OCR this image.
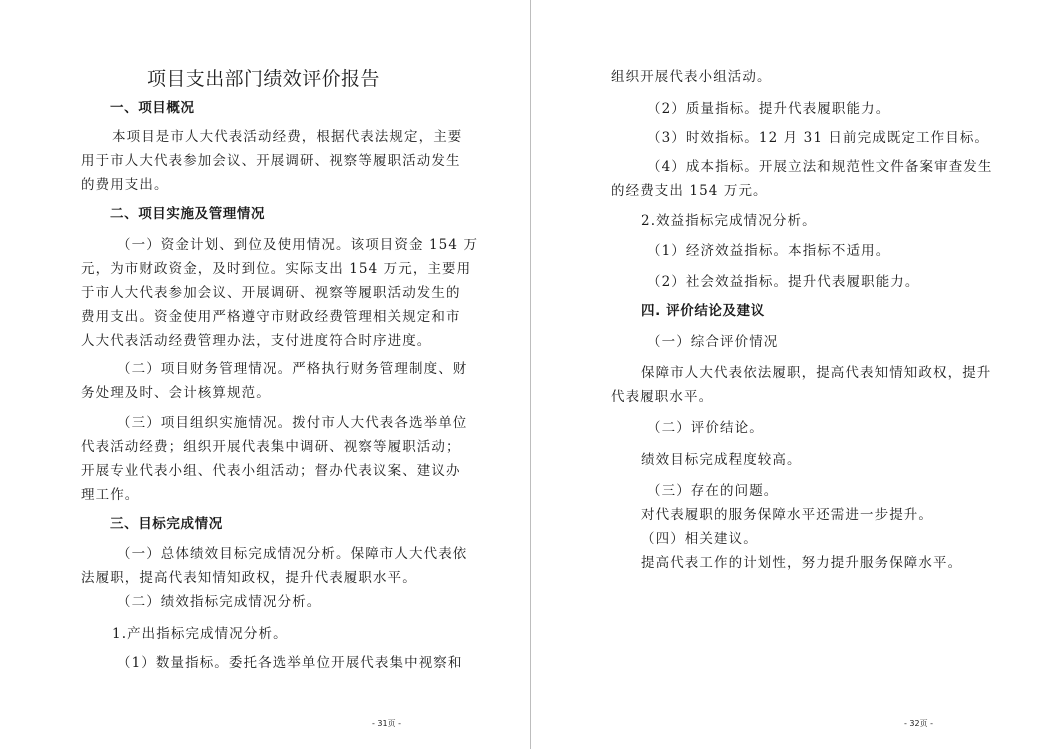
项目支出部门绩效评价报告
一、项目概况
本项目是市人大代表活动经费，根据代表法规定，主要
用于市人大代表参加会议、开展调研、视察等履职活动发生
的费用支出。
二、项目实施及管理情况
（一）资金计划、到位及使用情况。该项目资金 154 万
元，为市财政资金，及时到位。实际支出 154 万元，主要用
于市人大代表参加会议、开展调研、视察等履职活动发生的
费用支出。资金使用严格遵守市财政经费管理相关规定和市
人大代表活动经费管理办法，支付进度符合时序进度。
（二）项目财务管理情况。严格执行财务管理制度、财
务处理及时、会计核算规范。
（三）项目组织实施情况。拨付市人大代表各选举单位
代表活动经费；组织开展代表集中调研、视察等履职活动；
开展专业代表小组、代表小组活动；督办代表议案、建议办
理工作。
三、目标完成情况
（一）总体绩效目标完成情况分析。保障市人大代表依
法履职，提高代表知情知政权，提升代表履职水平。
（二）绩效指标完成情况分析。
1.产出指标完成情况分析。
（1）数量指标。委托各选举单位开展代表集中视察和
- 31页 -
组织开展代表小组活动。
（2）质量指标。提升代表履职能力。
（3）时效指标。12 月 31 日前完成既定工作目标。
（4）成本指标。开展立法和规范性文件备案审查发生
的经费支出 154 万元。
2.效益指标完成情况分析。
（1）经济效益指标。本指标不适用。
（2）社会效益指标。提升代表履职能力。
四. 评价结论及建议
（一）综合评价情况
保障市人大代表依法履职，提高代表知情知政权，提升
代表履职水平。
（二）评价结论。
绩效目标完成程度较高。
（三）存在的问题。
对代表履职的服务保障水平还需进一步提升。
（四）相关建议。
提高代表工作的计划性，努力提升服务保障水平。
- 32页 -
